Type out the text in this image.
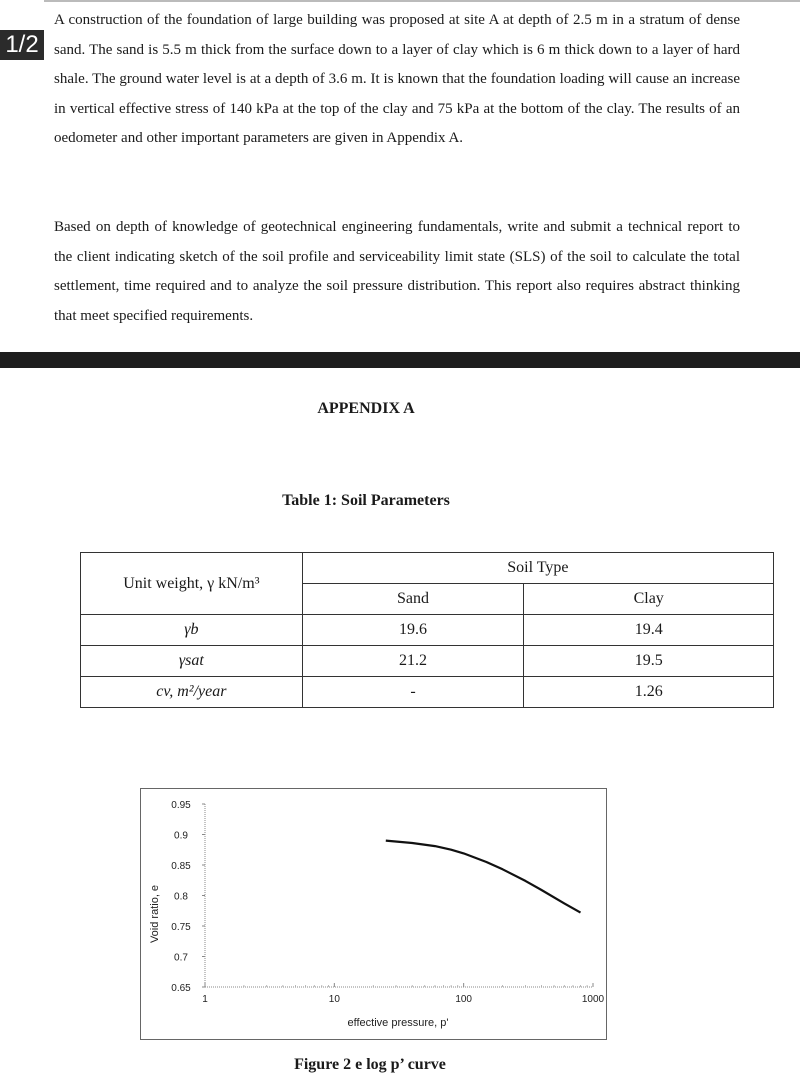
1/2

A construction of the foundation of large building was proposed at site A at depth of 2.5 m in a stratum of dense sand. The sand is 5.5 m thick from the surface down to a layer of clay which is 6 m thick down to a layer of hard shale. The ground water level is at a depth of 3.6 m. It is known that the foundation loading will cause an increase in vertical effective stress of 140 kPa at the top of the clay and 75 kPa at the bottom of the clay. The results of an oedometer and other important parameters are given in Appendix A.

Based on depth of knowledge of geotechnical engineering fundamentals, write and submit a technical report to the client indicating sketch of the soil profile and serviceability limit state (SLS) of the soil to calculate the total settlement, time required and to analyze the soil pressure distribution. This report also requires abstract thinking that meet specified requirements.

APPENDIX A
Table 1: Soil Parameters
Unit weight, γ kN/m³	Soil Type	
	Sand	Clay
γb	19.6	19.4
γsat	21.2	19.5
cv, m²/year	-	1.26
0.95
0.9
0.85
0.8
0.75
0.7
0.65
1	10	100	1000
Void ratio, e
effective pressure, p'
Figure 2 e log p’ curve
